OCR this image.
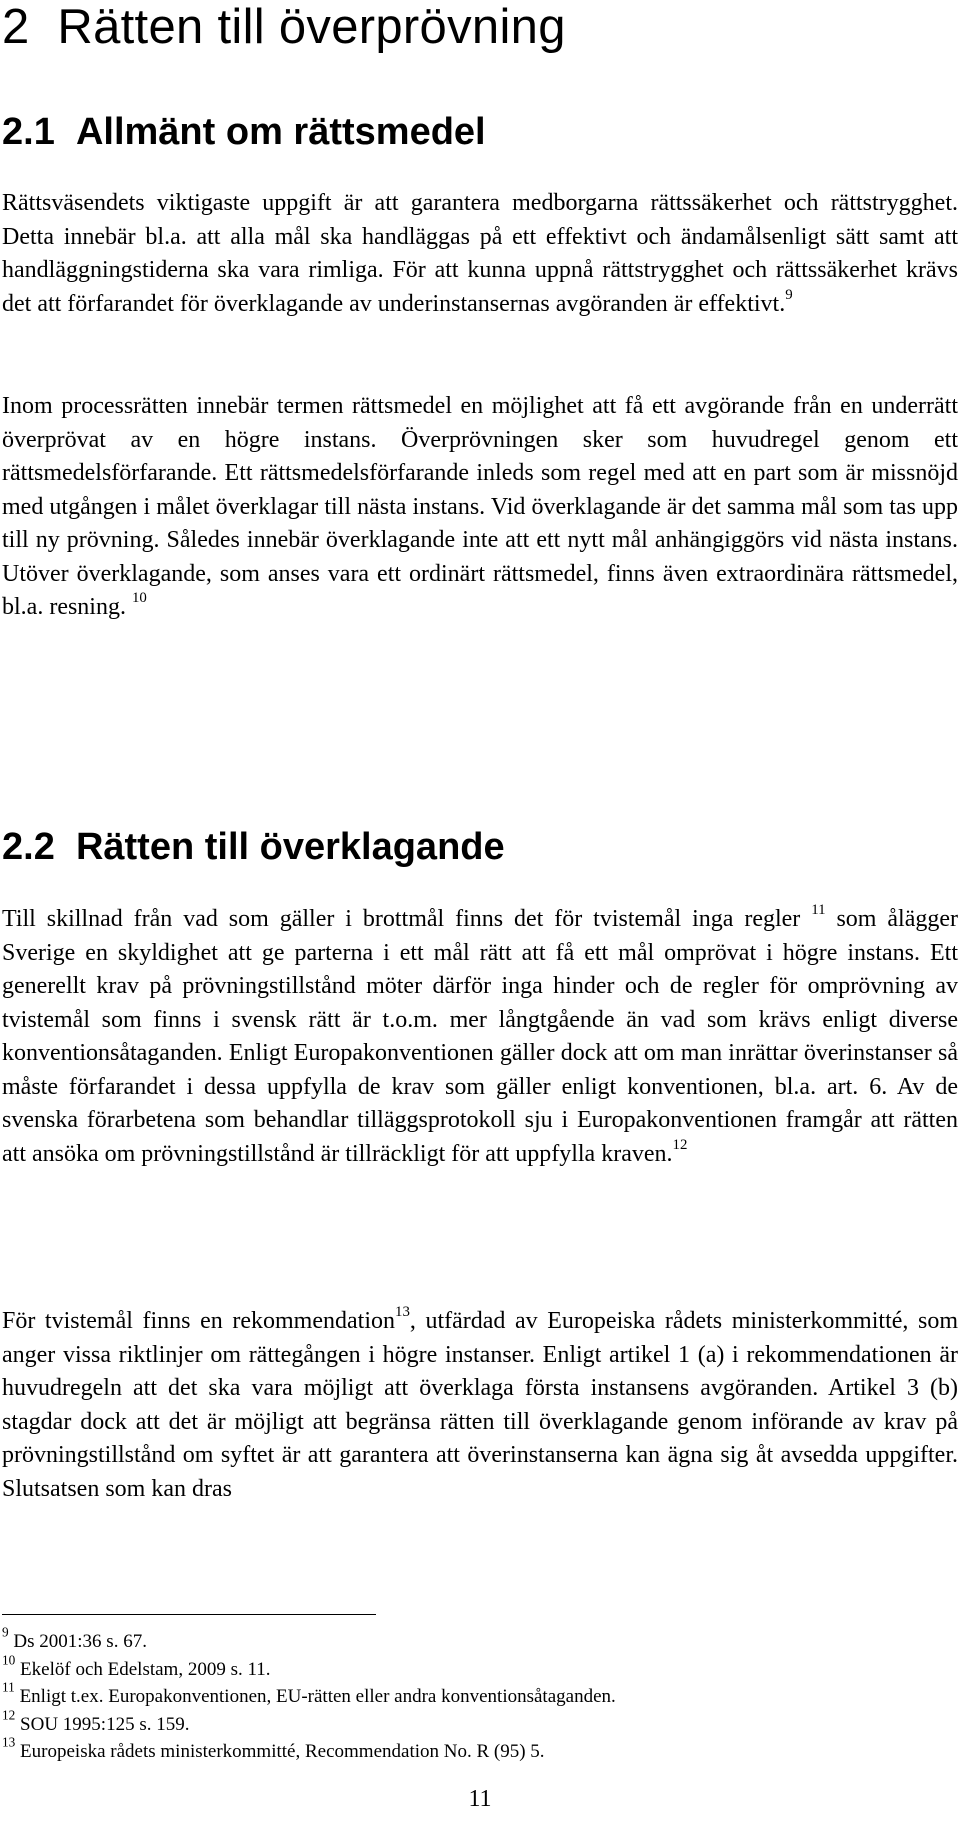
2 Rätten till överprövning
2.1 Allmänt om rättsmedel

Rättsväsendets viktigaste uppgift är att garantera medborgarna rättssäkerhet och rättstrygghet. Detta innebär bl.a. att alla mål ska handläggas på ett effektivt och ändamålsenligt sätt samt att handläggningstiderna ska vara rimliga. För att kunna uppnå rättstrygghet och rättssäkerhet krävs det att förfarandet för överklagande av underinstansernas avgöranden är effektivt.$^9$

Inom processrätten innebär termen rättsmedel en möjlighet att få ett avgörande från en underrätt överprövat av en högre instans. Överprövningen sker som huvudregel genom ett rättsmedelsförfarande. Ett rättsmedelsförfarande inleds som regel med att en part som är missnöjd med utgången i målet överklagar till nästa instans. Vid överklagande är det samma mål som tas upp till ny prövning. Således innebär överklagande inte att ett nytt mål anhängiggörs vid nästa instans. Utöver överklagande, som anses vara ett ordinärt rättsmedel, finns även extraordinära rättsmedel, bl.a. resning. $^{10}$

2.2 Rätten till överklagande

Till skillnad från vad som gäller i brottmål finns det för tvistemål inga regler $^{11}$ som ålägger Sverige en skyldighet att ge parterna i ett mål rätt att få ett mål omprövat i högre instans. Ett generellt krav på prövningstillstånd möter därför inga hinder och de regler för omprövning av tvistemål som finns i svensk rätt är t.o.m. mer långtgående än vad som krävs enligt diverse konventionsåtaganden. Enligt Europakonventionen gäller dock att om man inrättar överinstanser så måste förfarandet i dessa uppfylla de krav som gäller enligt konventionen, bl.a. art. 6. Av de svenska förarbetena som behandlar tilläggsprotokoll sju i Europakonventionen framgår att rätten att ansöka om prövningstillstånd är tillräckligt för att uppfylla kraven.$^{12}$

För tvistemål finns en rekommendation$^{13}$, utfärdad av Europeiska rådets ministerkommitté, som anger vissa riktlinjer om rättegången i högre instanser. Enligt artikel 1 (a) i rekommendationen är huvudregeln att det ska vara möjligt att överklaga första instansens avgöranden. Artikel 3 (b) stagdar dock att det är möjligt att begränsa rätten till överklagande genom införande av krav på prövningstillstånd om syftet är att garantera att överinstanserna kan ägna sig åt avsedda uppgifter. Slutsatsen som kan dras

$^9$ Ds 2001:36 s. 67.
$^{10}$ Ekelöf och Edelstam, 2009 s. 11.
$^{11}$ Enligt t.ex. Europakonventionen, EU-rätten eller andra konventionsåtaganden.
$^{12}$ SOU 1995:125 s. 159.
$^{13}$ Europeiska rådets ministerkommitté, Recommendation No. R (95) 5.
11
